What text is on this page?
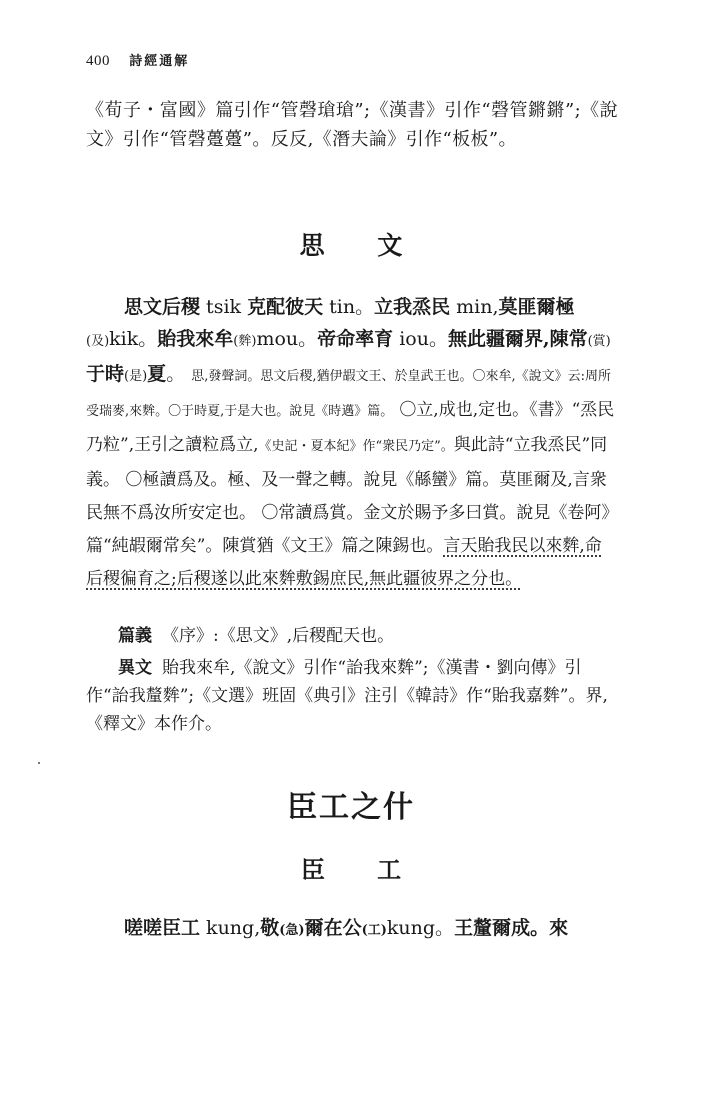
400 詩經通解
《荀子・富國》篇引作“管磬瑲瑲”;《漢書》引作“磬管鏘鏘”;《說文》引作“管磬躉躉”。反反,《潛夫論》引作“板板”。
思 文
思文后稷 tsik 克配彼天 tin。立我烝民 min,莫匪爾極(及)kik。貽我來牟(麰)mou。帝命率育 iou。無此疆爾界,陳常(賞)于時(是)夏。 思,發聲詞。思文后稷,猶伊嘏文王、於皇武王也。〇來牟,《說文》云:周所受瑞麥,來麰。〇于時夏,于是大也。說見《時邁》篇。 〇立,成也,定也。《書》“烝民乃粒”,王引之讀粒爲立,《史記・夏本紀》作“衆民乃定”。與此詩“立我烝民”同義。 〇極讀爲及。極、及一聲之轉。說見《緜蠻》篇。莫匪爾及,言衆民無不爲汝所安定也。 〇常讀爲賞。金文於賜予多曰賞。說見《卷阿》篇“純嘏爾常矣”。陳賞猶《文王》篇之陳錫也。言天貽我民以來麰,命后稷徧育之;后稷遂以此來麰敷錫庶民,無此疆彼界之分也。
篇義 《序》:《思文》,后稷配天也。
異文 貽我來牟,《說文》引作“詒我來麰”;《漢書・劉向傳》引作“詒我釐麰”;《文選》班固《典引》注引《韓詩》作“貽我嘉麰”。界,《釋文》本作介。
臣工之什
臣 工
嗟嗟臣工 kung,敬(急)爾在公(工)kung。王釐爾成。來
